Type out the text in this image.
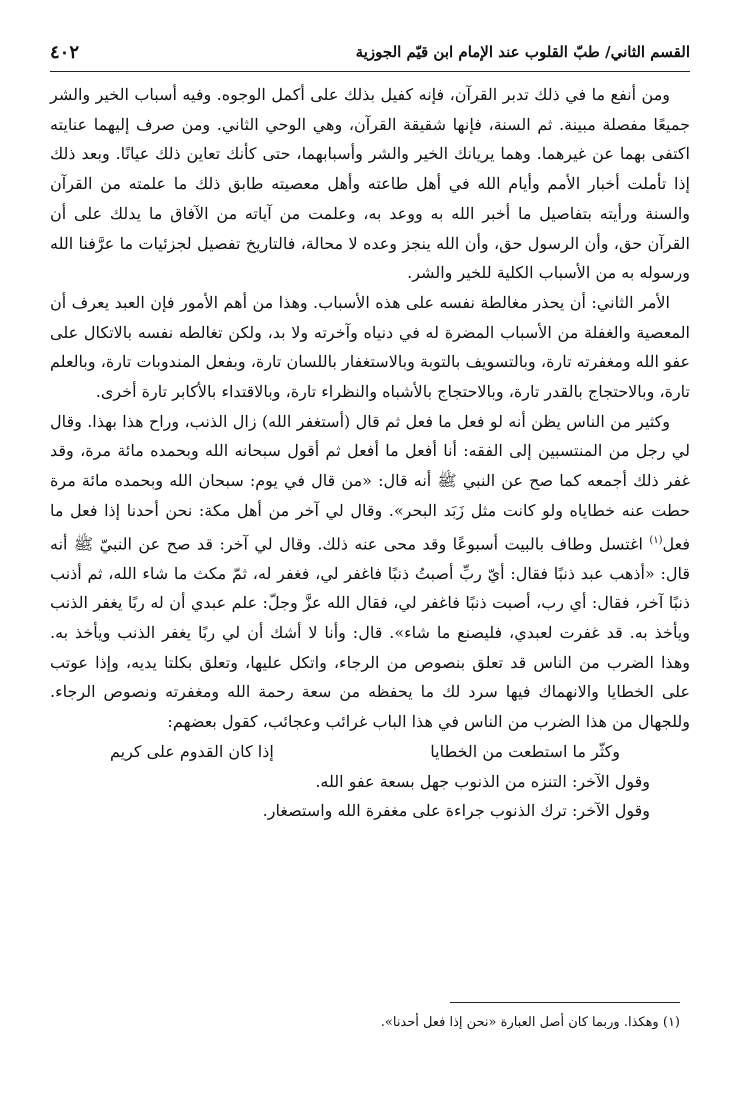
القسم الثاني/ طبّ القلوب عند الإمام ابن قيّم الجوزية
٤٠٢

ومن أنفع ما في ذلك تدبر القرآن، فإنه كفيل بذلك على أكمل الوجوه. وفيه أسباب الخير والشر جميعًا مفصلة مبينة. ثم السنة، فإنها شقيقة القرآن، وهي الوحي الثاني. ومن صرف إليهما عنايته اكتفى بهما عن غيرهما. وهما يريانك الخير والشر وأسبابهما، حتى كأنك تعاين ذلك عيانًا. وبعد ذلك إذا تأملت أخبار الأمم وأيام الله في أهل طاعته وأهل معصيته طابق ذلك ما علمته من القرآن والسنة ورأيته بتفاصيل ما أخبر الله به ووعد به، وعلمت من آياته من الآفاق ما يدلك على أن القرآن حق، وأن الرسول حق، وأن الله ينجز وعده لا محالة، فالتاريخ تفصيل لجزئيات ما عرَّفنا الله ورسوله به من الأسباب الكلية للخير والشر.

الأمر الثاني: أن يحذر مغالطة نفسه على هذه الأسباب. وهذا من أهم الأمور فإن العبد يعرف أن المعصية والغفلة من الأسباب المضرة له في دنياه وآخرته ولا بد، ولكن تغالطه نفسه بالاتكال على عفو الله ومغفرته تارة، وبالتسويف بالتوبة وبالاستغفار باللسان تارة، وبفعل المندوبات تارة، وبالعلم تارة، وبالاحتجاج بالقدر تارة، وبالاحتجاج بالأشباه والنظراء تارة، وبالاقتداء بالأكابر تارة أخرى.

وكثير من الناس يظن أنه لو فعل ما فعل ثم قال (أستغفر الله) زال الذنب، وراح هذا بهذا. وقال لي رجل من المنتسبين إلى الفقه: أنا أفعل ما أفعل ثم أقول سبحانه الله وبحمده مائة مرة، وقد غفر ذلك أجمعه كما صح عن النبي ﷺ أنه قال: «من قال في يوم: سبحان الله وبحمده مائة مرة حطت عنه خطاياه ولو كانت مثل زَبَد البحر». وقال لي آخر من أهل مكة: نحن أحدنا إذا فعل ما فعل$^{(١)}$ اغتسل وطاف بالبيت أسبوعًا وقد محى عنه ذلك. وقال لي آخر: قد صح عن النبيّ ﷺ أنه قال: «أذهب عبد ذنبًا فقال: أيّ ربِّ أصبتُ ذنبًا فاغفر لي، فغفر له، ثمّ مكث ما شاء الله، ثم أذنب ذنبًا آخر، فقال: أي رب، أصبت ذنبًا فاغفر لي، فقال الله عزَّ وجلّ: علم عبدي أن له ربًا يغفر الذنب ويأخذ به. قد غفرت لعبدي، فليصنع ما شاء». قال: وأنا لا أشك أن لي ربًا يغفر الذنب ويأخذ به. وهذا الضرب من الناس قد تعلق بنصوص من الرجاء، واتكل عليها، وتعلق بكلتا يديه، وإذا عوتب على الخطايا والانهماك فيها سرد لك ما يحفظه من سعة رحمة الله ومغفرته ونصوص الرجاء. وللجهال من هذا الضرب من الناس في هذا الباب غرائب وعجائب، كقول بعضهم:

وكثّر ما استطعت من الخطايا
إذا كان القدوم على كريم
وقول الآخر: التنزه من الذنوب جهل بسعة عفو الله.
وقول الآخر: ترك الذنوب جراءة على مغفرة الله واستصغار.
(١) وهكذا. وربما كان أصل العبارة «نحن إذا فعل أحدنا».
